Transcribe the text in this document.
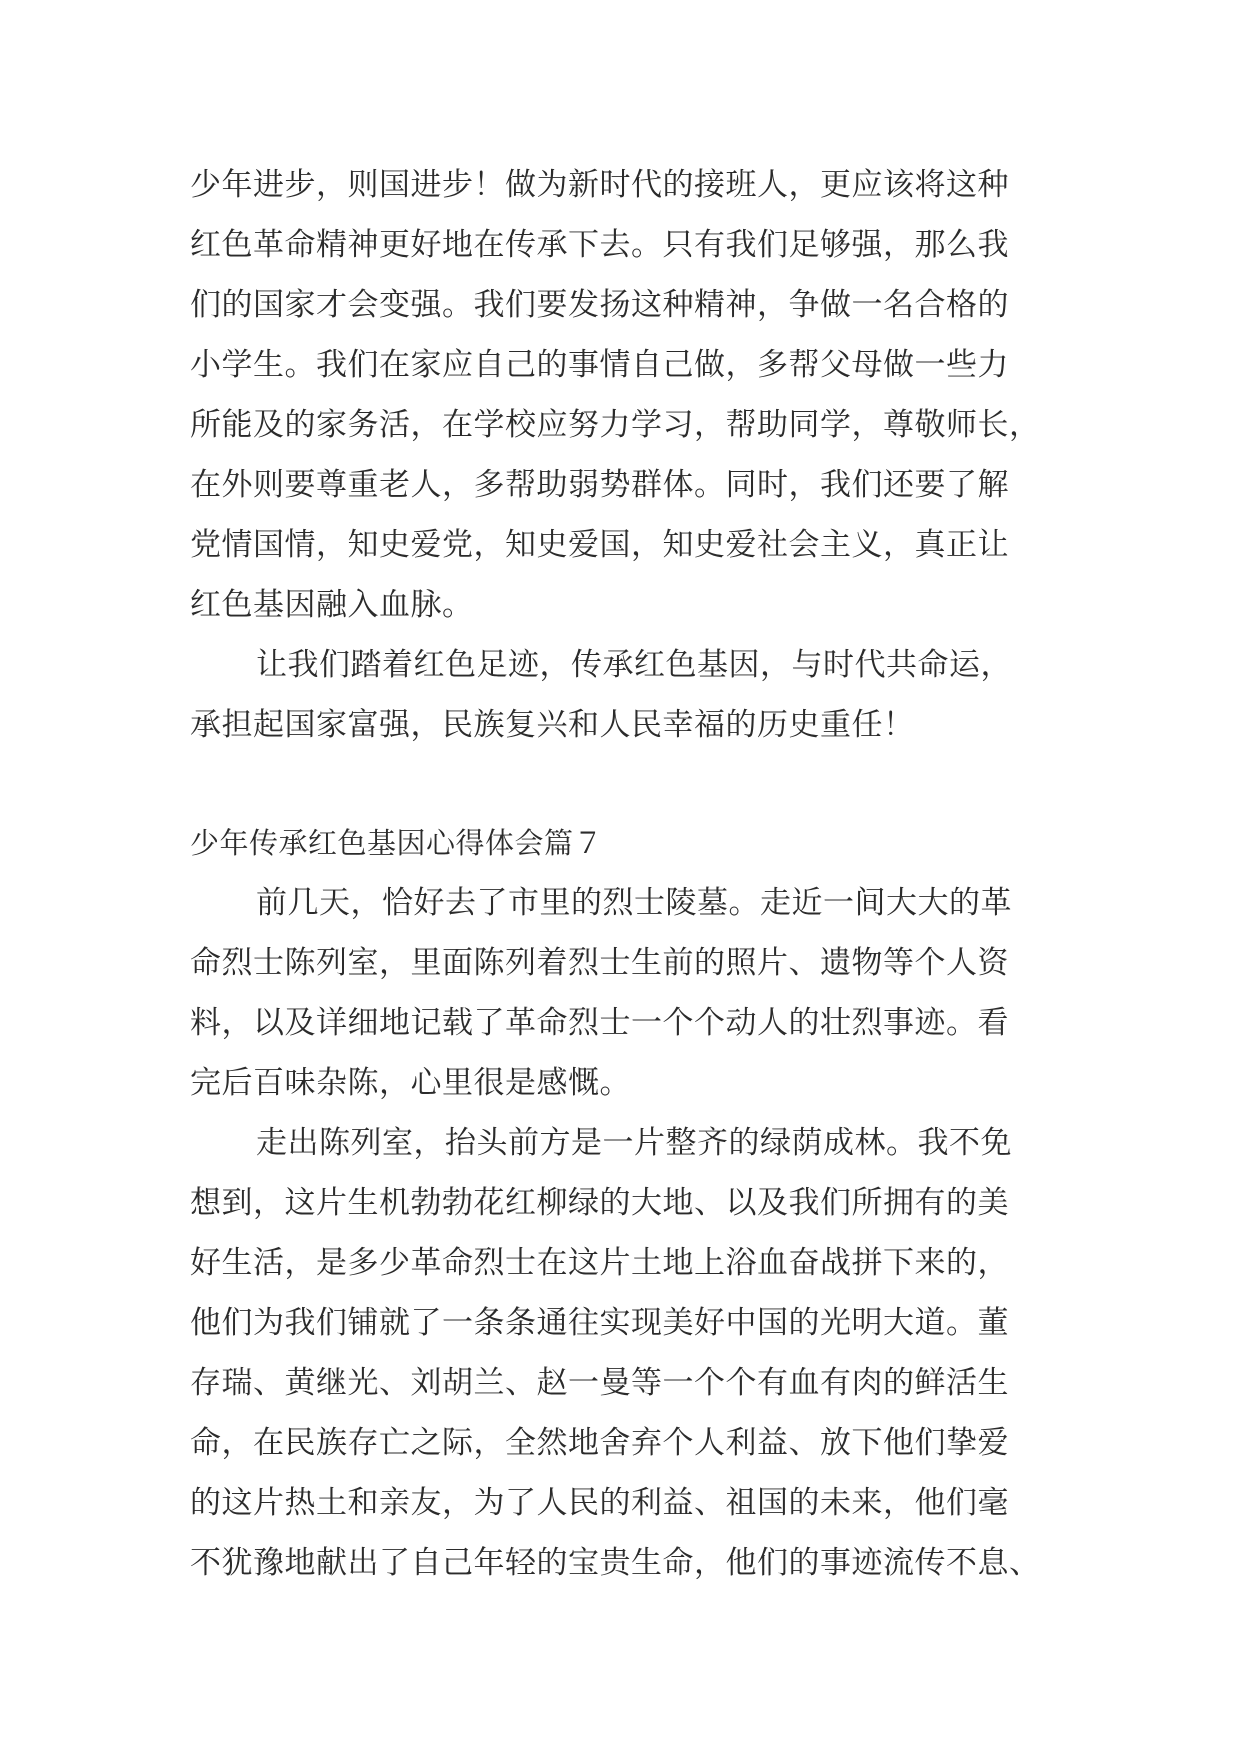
少年进步，则国进步！做为新时代的接班人，更应该将这种
红色革命精神更好地在传承下去。只有我们足够强，那么我
们的国家才会变强。我们要发扬这种精神，争做一名合格的
小学生。我们在家应自己的事情自己做，多帮父母做一些力
所能及的家务活，在学校应努力学习，帮助同学，尊敬师长，
在外则要尊重老人，多帮助弱势群体。同时，我们还要了解
党情国情，知史爱党，知史爱国，知史爱社会主义，真正让
红色基因融入血脉。
让我们踏着红色足迹，传承红色基因，与时代共命运，
承担起国家富强，民族复兴和人民幸福的历史重任！
少年传承红色基因心得体会篇７
前几天，恰好去了市里的烈士陵墓。走近一间大大的革
命烈士陈列室，里面陈列着烈士生前的照片、遗物等个人资
料，以及详细地记载了革命烈士一个个动人的壮烈事迹。看
完后百味杂陈，心里很是感慨。
走出陈列室，抬头前方是一片整齐的绿荫成林。我不免
想到，这片生机勃勃花红柳绿的大地、以及我们所拥有的美
好生活，是多少革命烈士在这片土地上浴血奋战拼下来的，
他们为我们铺就了一条条通往实现美好中国的光明大道。董
存瑞、黄继光、刘胡兰、赵一曼等一个个有血有肉的鲜活生
命，在民族存亡之际，全然地舍弃个人利益、放下他们挚爱
的这片热土和亲友，为了人民的利益、祖国的未来，他们毫
不犹豫地献出了自己年轻的宝贵生命，他们的事迹流传不息、
